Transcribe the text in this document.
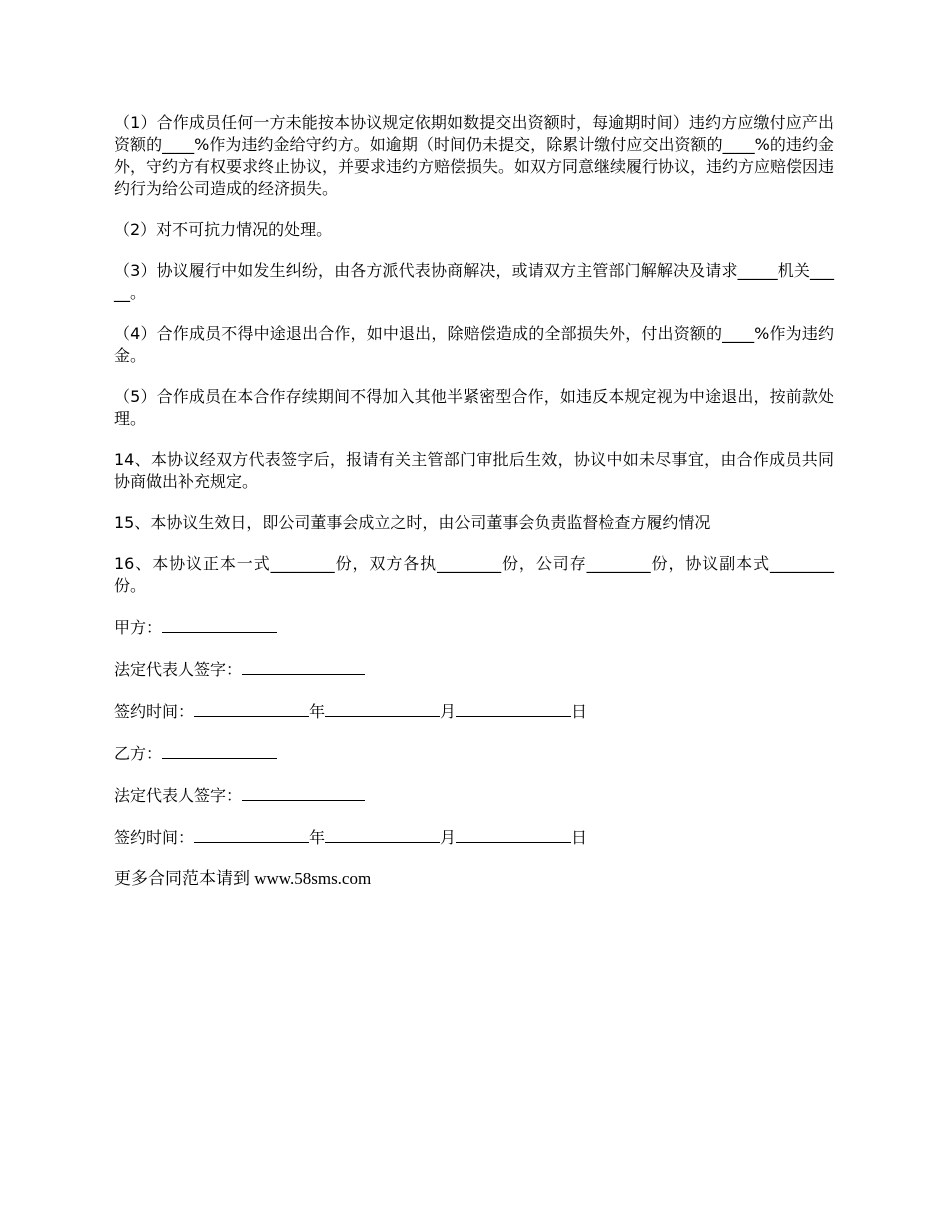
（1）合作成员任何一方未能按本协议规定依期如数提交出资额时，每逾期时间）违约方应缴付应产出资额的____%作为违约金给守约方。如逾期（时间仍未提交，除累计缴付应交出资额的____%的违约金外，守约方有权要求终止协议，并要求违约方赔偿损失。如双方同意继续履行协议，违约方应赔偿因违约行为给公司造成的经济损失。

（2）对不可抗力情况的处理。

（3）协议履行中如发生纠纷，由各方派代表协商解决，或请双方主管部门解解决及请求_____机关_____。

（4）合作成员不得中途退出合作，如中退出，除赔偿造成的全部损失外，付出资额的____%作为违约金。

（5）合作成员在本合作存续期间不得加入其他半紧密型合作，如违反本规定视为中途退出，按前款处理。

14、本协议经双方代表签字后，报请有关主管部门审批后生效，协议中如未尽事宜，由合作成员共同协商做出补充规定。

15、本协议生效日，即公司董事会成立之时，由公司董事会负责监督检查方履约情况

16、本协议正本一式________份，双方各执________份，公司存________份，协议副本式________份。

甲方：
法定代表人签字：
签约时间：	年	月	日
乙方：
法定代表人签字：
签约时间：	年	月	日

更多合同范本请到 www.58sms.com
